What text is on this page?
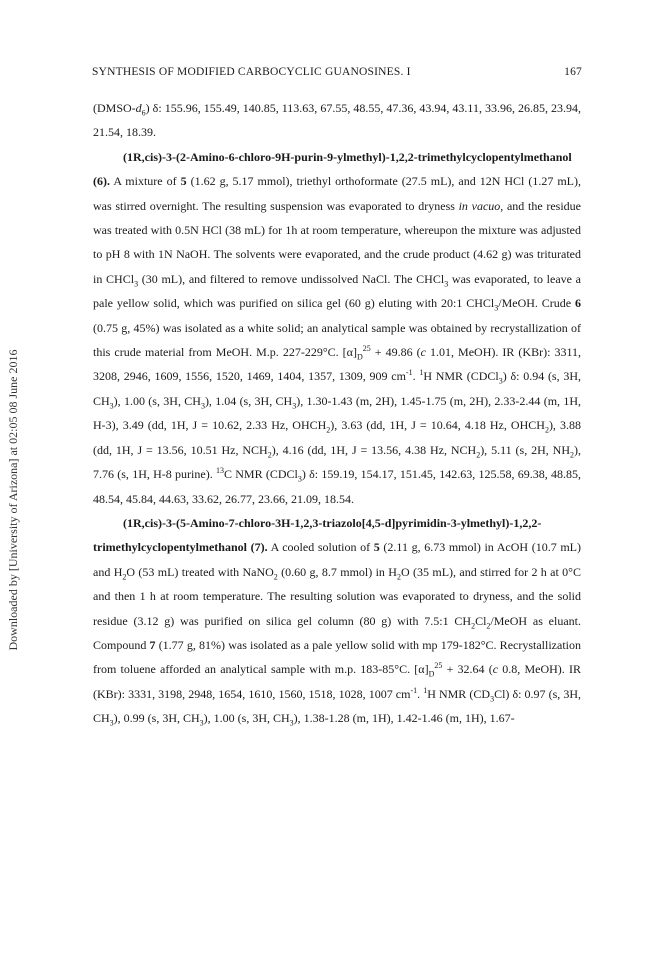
SYNTHESIS OF MODIFIED CARBOCYCLIC GUANOSINES. I	167
Downloaded by [University of Arizona] at 02:05 08 June 2016

$(DMSO-d_6)$ δ: 155.96, 155.49, 140.85, 113.63, 67.55, 48.55, 47.36, 43.94, 43.11, 33.96, 26.85, 23.94, 21.54, 18.39.

(1R,cis)-3-(2-Amino-6-chloro-9H-purin-9-ylmethyl)-1,2,2-trimethylcyclopentylmethanol (6). A mixture of 5 (1.62 g, 5.17 mmol), triethyl orthoformate (27.5 mL), and 12N HCl (1.27 mL), was stirred overnight. The resulting suspension was evaporated to dryness in vacuo, and the residue was treated with 0.5N HCl (38 mL) for 1h at room temperature, whereupon the mixture was adjusted to pH 8 with 1N NaOH. The solvents were evaporated, and the crude product (4.62 g) was triturated in CHCl$_3$ (30 mL), and filtered to remove undissolved NaCl. The CHCl$_3$ was evaporated, to leave a pale yellow solid, which was purified on silica gel (60 g) eluting with 20:1 CHCl$_3$/MeOH. Crude 6 (0.75 g, 45%) was isolated as a white solid; an analytical sample was obtained by recrystallization of this crude material from MeOH. M.p. 227-229°C. $[\alpha]_D^{25} + 49.86$ (c 1.01, MeOH). IR (KBr): 3311, 3208, 2946, 1609, 1556, 1520, 1469, 1404, 1357, 1309, 909 $cm^{-1}$. $^1$H NMR (CDCl$_3$) δ: 0.94 (s, 3H, $CH_3$), 1.00 (s, 3H, $CH_3$), 1.04 (s, 3H, $CH_3$), 1.30-1.43 (m, 2H), 1.45-1.75 (m, 2H), 2.33-2.44 (m, 1H, H-3), 3.49 (dd, 1H, J = 10.62, 2.33 Hz, $OHCH_2$), 3.63 (dd, 1H, J = 10.64, 4.18 Hz, $OHCH_2$), 3.88 (dd, 1H, J = 13.56, 10.51 Hz, $NCH_2$), 4.16 (dd, 1H, J = 13.56, 4.38 Hz, $NCH_2$), 5.11 (s, 2H, $NH_2$), 7.76 (s, 1H, H-8 purine). $^{13}$C NMR (CDCl$_3$) δ: 159.19, 154.17, 151.45, 142.63, 125.58, 69.38, 48.85, 48.54, 45.84, 44.63, 33.62, 26.77, 23.66, 21.09, 18.54.

(1R,cis)-3-(5-Amino-7-chloro-3H-1,2,3-triazolo[4,5-d]pyrimidin-3-ylmethyl)-1,2,2-trimethylcyclopentylmethanol (7). A cooled solution of 5 (2.11 g, 6.73 mmol) in AcOH (10.7 mL) and $H_2O$ (53 mL) treated with NaNO$_2$ (0.60 g, 8.7 mmol) in $H_2O$ (35 mL), and stirred for 2 h at 0°C and then 1 h at room temperature. The resulting solution was evaporated to dryness, and the solid residue (3.12 g) was purified on silica gel column (80 g) with 7.5:1 $CH_2Cl_2$/MeOH as eluant. Compound 7 (1.77 g, 81%) was isolated as a pale yellow solid with mp 179-182°C. Recrystallization from toluene afforded an analytical sample with m.p. 183-85°C. $[\alpha]_D^{25} + 32.64$ (c 0.8, MeOH). IR (KBr): 3331, 3198, 2948, 1654, 1610, 1560, 1518, 1028, 1007 $cm^{-1}$. $^1$H NMR $(CD_3Cl)$ δ: 0.97 (s, 3H, $CH_3$), 0.99 (s, 3H, $CH_3$), 1.00 (s, 3H, $CH_3$), 1.38-1.28 (m, 1H), 1.42-1.46 (m, 1H), 1.67-
